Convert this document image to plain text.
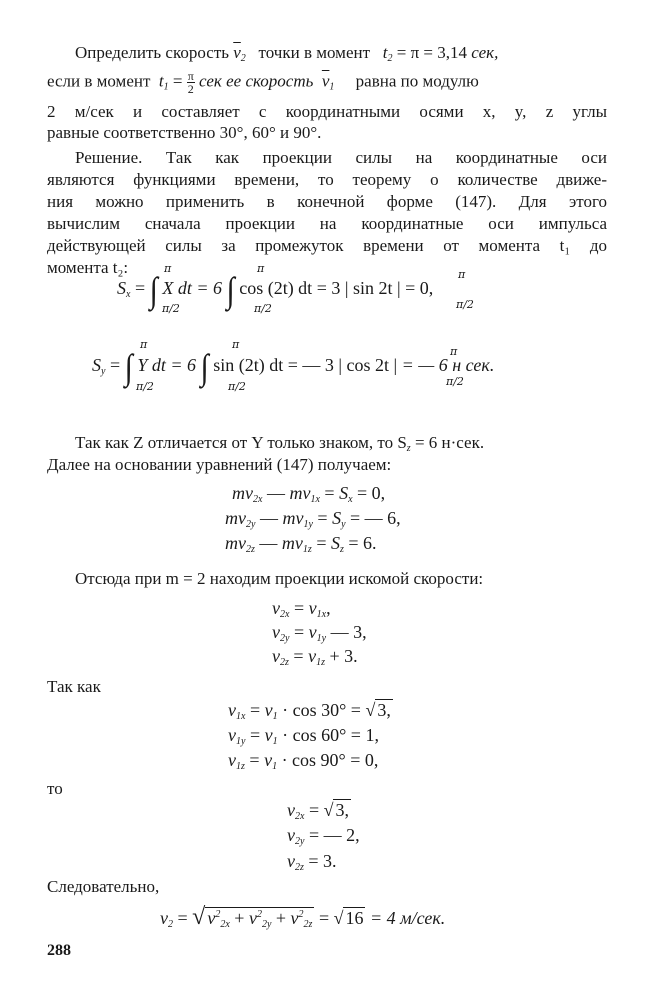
Определить скорость $\overline{v}_2$ точки в момент $t_2 = \pi = 3,14$ сек,
если в момент $t_1 = \frac{\pi}{2}$ сек ее скорость $\overline{v}_1$ равна по модулю
2 м/сек и составляет с координатными осями x, y, z углы
равные соответственно 30°, 60° и 90°.
Решение. Так как проекции силы на координатные оси
являются функциями времени, то теорему о количестве движе-
ния можно применить в конечной форме (147). Для этого
вычислим сначала проекции на координатные оси импульса
действующей силы за промежуток времени от момента t₁ до
момента t₂:
$S_x$ = ∫ X dt = 6 ∫ cos (2t) dt = 3 | sin 2t | = 0,
π
π/2
π
π/2
π
π/2
$S_y$ = ∫ Y dt = 6 ∫ sin (2t) dt = — 3 | cos 2t | = — 6 н сек.
π
π/2
π
π/2
π
π/2
Так как Z отличается от Y только знаком, то $S_z = 6$ н·сек.
Далее на основании уравнений (147) получаем:
$mv_{2x}$ — $mv_{1x} = S_x = 0$,
$mv_{2y}$ — $mv_{1y} = S_y$ = — 6,
$mv_{2z}$ — $mv_{1z} = S_z = 6$.
Отсюда при m = 2 находим проекции искомой скорости:
$v_{2x} = v_{1x}$,
$v_{2y} = v_{1y}$ — 3,
$v_{2z} = v_{1z} + 3$.
Так как
$v_{1x} = v_1 \cdot \cos 30^\circ$ = √ 3,
$v_{1y} = v_1 \cdot \cos 60^\circ = 1$,
$v_{1z} = v_1 \cdot \cos 90^\circ = 0$,
то
$v_{2x}$ = √ 3,
$v_{2y}$ = — 2,
$v_{2z} = 3$.
Следовательно,
$v_2$ = √ $v^2_{2x} + v^2_{2y} + v^2_{2z}$ = √ 16 = 4 м/сек.
288
